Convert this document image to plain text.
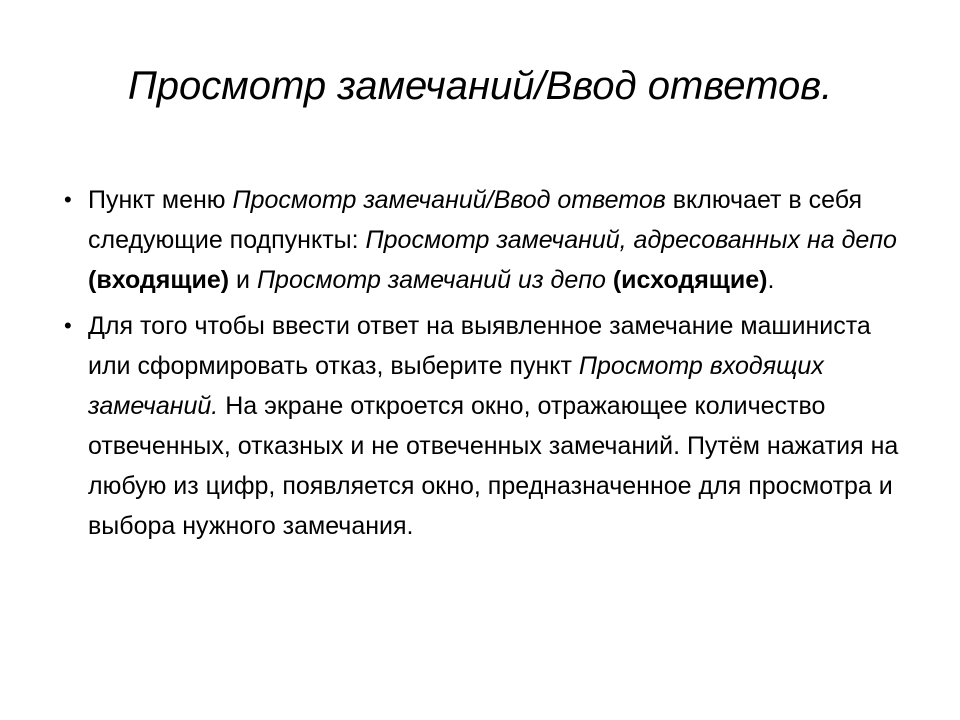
Просмотр замечаний/Ввод ответов.
• Пункт меню Просмотр замечаний/Ввод ответов включает в себя следующие подпункты: Просмотр замечаний, адресованных на депо (входящие) и Просмотр замечаний из депо (исходящие).
• Для того чтобы ввести ответ на выявленное замечание машиниста или сформировать отказ, выберите пункт Просмотр входящих замечаний. На экране откроется окно, отражающее количество отвеченных, отказных и не отвеченных замечаний. Путём нажатия на любую из цифр, появляется окно, предназначенное для просмотра и выбора нужного замечания.
